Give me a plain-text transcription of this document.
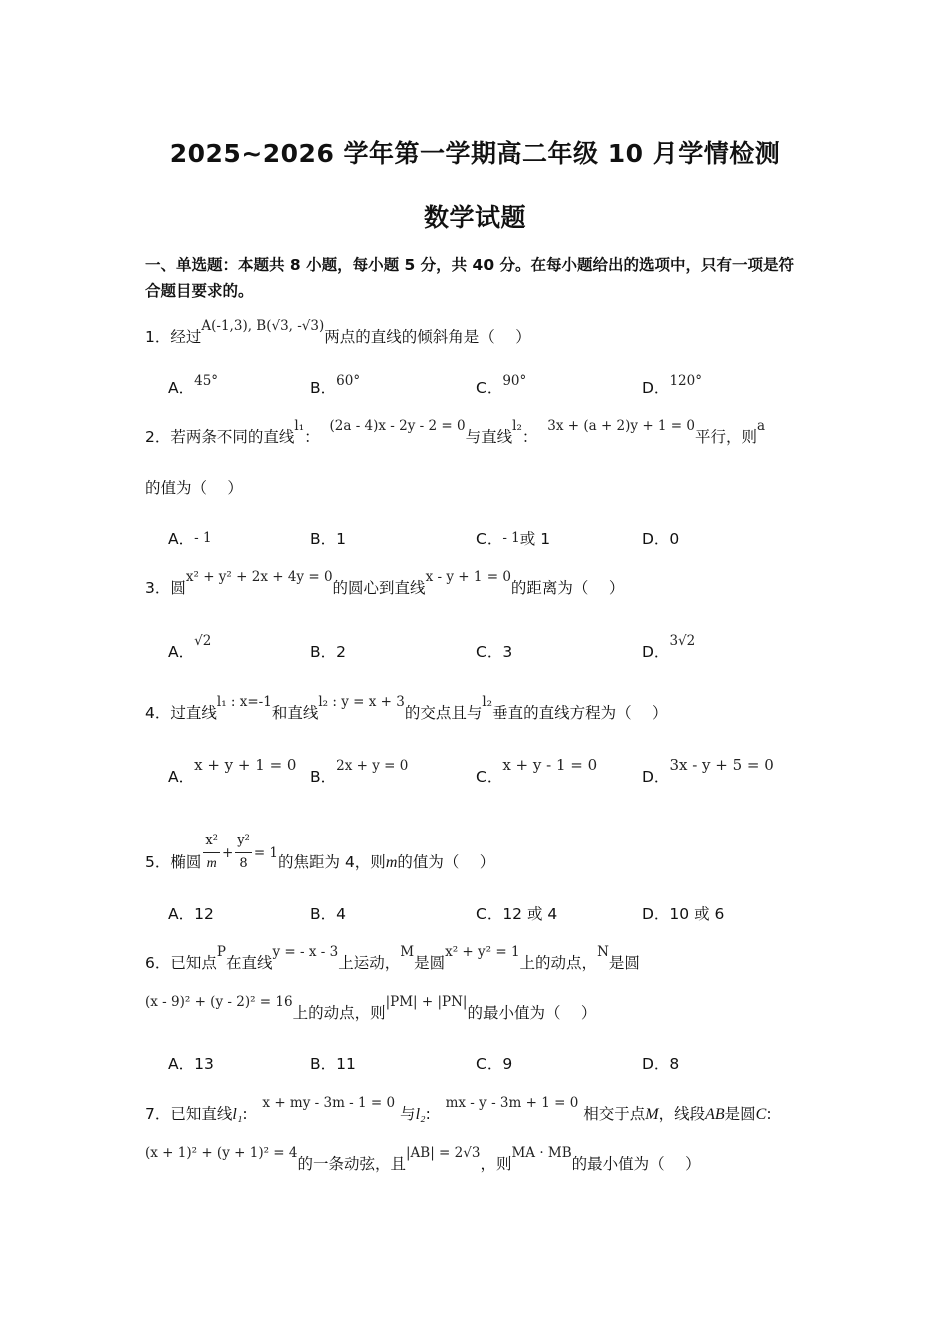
2025~2026 学年第一学期高二年级 10 月学情检测
数学试题
一、单选题：本题共 8 小题，每小题 5 分，共 40 分。在每小题给出的选项中，只有一项是符合题目要求的。
1．经过A(-1,3), B(√3, -√3)两点的直线的倾斜角是（　 ）
A．45°	B．60°	C．90°	D．120°
2．若两条不同的直线l₁：  (2a - 4)x - 2y - 2 = 0与直线l₂：  3x + (a + 2)y + 1 = 0平行，则a
的值为（　 ）
A．- 1	B．1	C．- 1或 1	D．0
3．圆x² + y² + 2x + 4y = 0的圆心到直线x - y + 1 = 0的距离为（　 ）
A．√2
B．2	C．3	D．3√2
4．过直线l₁ : x=-1和直线l₂ : y = x + 3的交点且与l₂垂直的直线方程为（　 ）
A．x + y + 1 = 0
B．2x + y = 0
C．x + y - 1 = 0
D．3x - y + 5 = 0
5．椭圆 $\frac{\text{x²}}{m} + \frac{\text{y²}}{8} = 1$的焦距为 4，则m的值为（　 ）
A．12	B．4	C．12 或 4	D．10 或 6
6．已知点P在直线y = - x - 3上运动，M是圆x² + y² = 1上的动点，N是圆
(x - 9)² + (y - 2)² = 16上的动点，则|PM| + |PN|的最小值为（　 ）
A．13	B．11	C．9	D．8
7．已知直线l₁:   x + my - 3m - 1 = 0 与l₂:   mx - y - 3m + 1 = 0 相交于点M，线段AB是圆C:
(x + 1)² + (y + 1)² = 4的一条动弦，且|AB| = 2√3，则MA · MB的最小值为（　 ）
